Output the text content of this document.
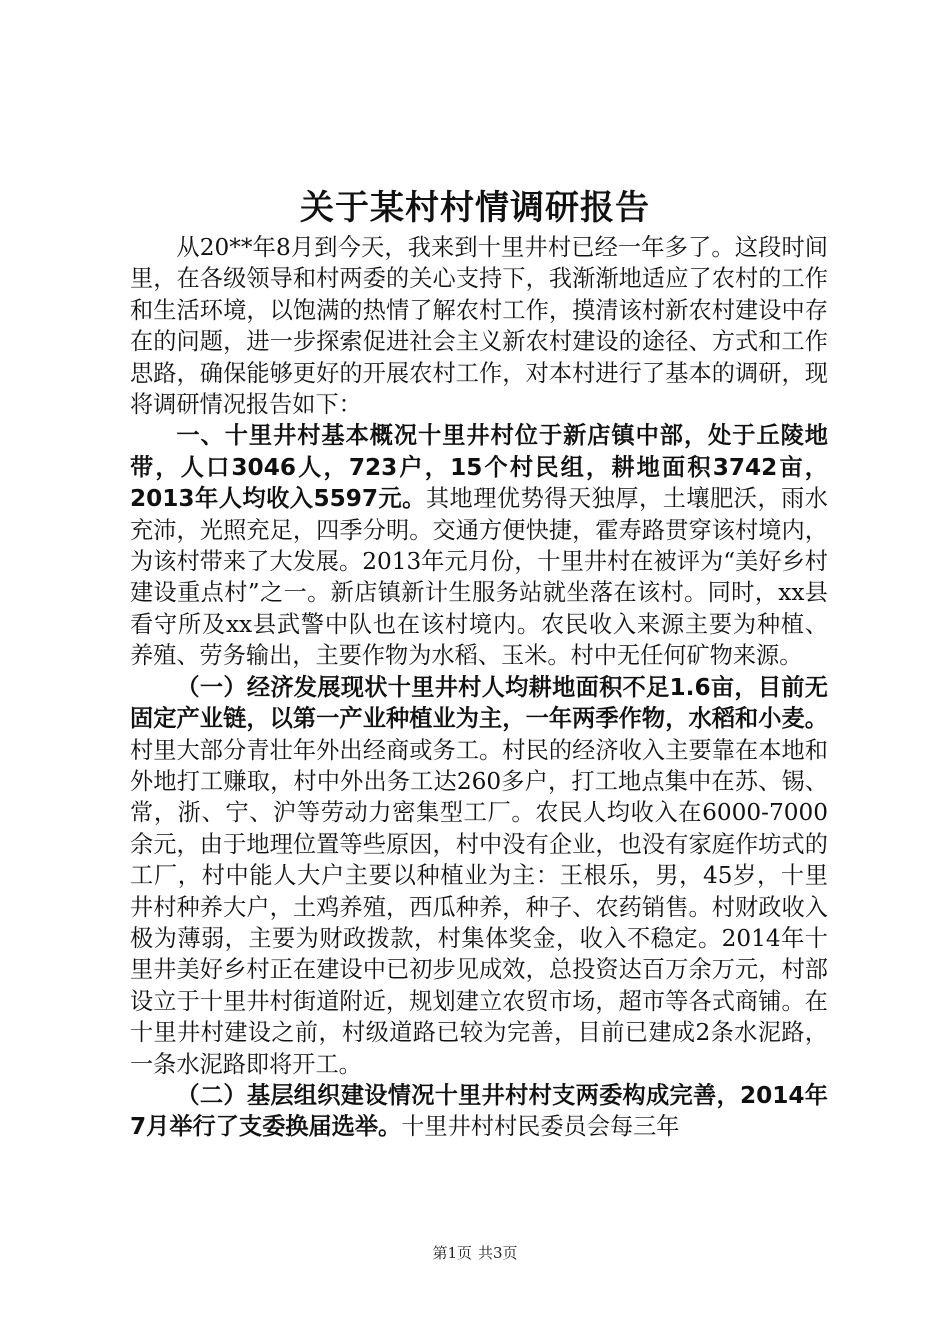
关于某村村情调研报告

从20**年8月到今天，我来到十里井村已经一年多了。这段时间里，在各级领导和村两委的关心支持下，我渐渐地适应了农村的工作和生活环境，以饱满的热情了解农村工作，摸清该村新农村建设中存在的问题，进一步探索促进社会主义新农村建设的途径、方式和工作思路，确保能够更好的开展农村工作，对本村进行了基本的调研，现将调研情况报告如下：

一、十里井村基本概况十里井村位于新店镇中部，处于丘陵地带，人口3046人，723户，15个村民组，耕地面积3742亩，2013年人均收入5597元。其地理优势得天独厚，土壤肥沃，雨水充沛，光照充足，四季分明。交通方便快捷，霍寿路贯穿该村境内，为该村带来了大发展。2013年元月份，十里井村在被评为“美好乡村建设重点村”之一。新店镇新计生服务站就坐落在该村。同时，xx县看守所及xx县武警中队也在该村境内。农民收入来源主要为种植、养殖、劳务输出，主要作物为水稻、玉米。村中无任何矿物来源。

（一）经济发展现状十里井村人均耕地面积不足1.6亩，目前无固定产业链，以第一产业种植业为主，一年两季作物，水稻和小麦。村里大部分青壮年外出经商或务工。村民的经济收入主要靠在本地和外地打工赚取，村中外出务工达260多户，打工地点集中在苏、锡、常，浙、宁、沪等劳动力密集型工厂。农民人均收入在6000-7000余元，由于地理位置等些原因，村中没有企业，也没有家庭作坊式的工厂，村中能人大户主要以种植业为主：王根乐，男，45岁，十里井村种养大户，土鸡养殖，西瓜种养，种子、农药销售。村财政收入极为薄弱，主要为财政拨款，村集体奖金，收入不稳定。2014年十里井美好乡村正在建设中已初步见成效，总投资达百万余万元，村部设立于十里井村街道附近，规划建立农贸市场，超市等各式商铺。在十里井村建设之前，村级道路已较为完善，目前已建成2条水泥路，一条水泥路即将开工。

（二）基层组织建设情况十里井村村支两委构成完善，2014年7月举行了支委换届选举。十里井村村民委员会每三年

第1页 共3页
